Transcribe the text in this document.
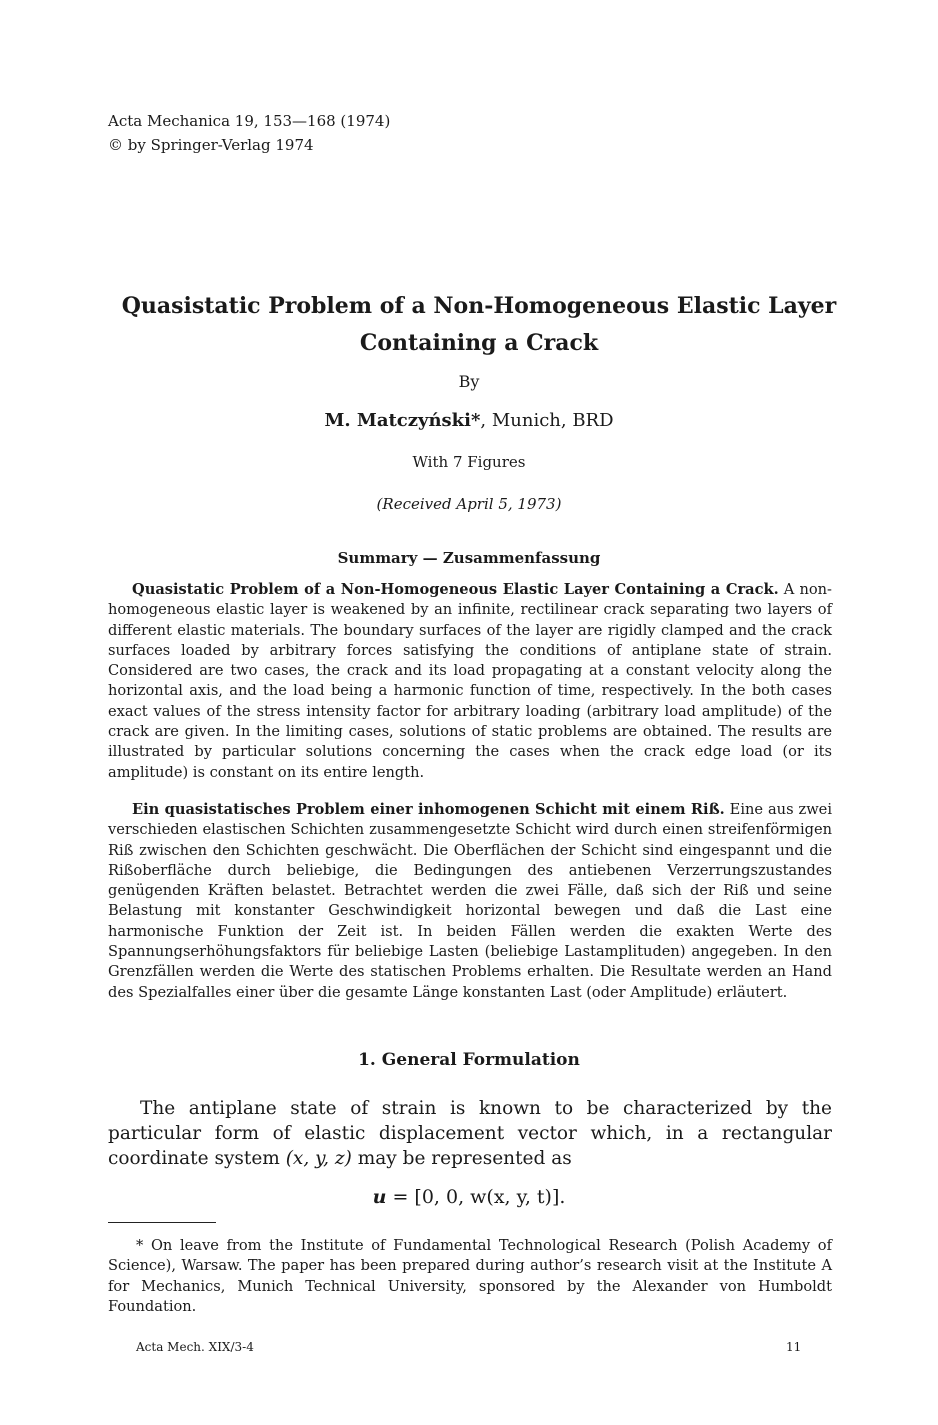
Acta Mechanica 19, 153—168 (1974)
© by Springer-Verlag 1974
Quasistatic Problem of a Non-Homogeneous Elastic Layer
Containing a Crack
By
M. Matczyński*, Munich, BRD
With 7 Figures
(Received April 5, 1973)
Summary — Zusammenfassung

Quasistatic Problem of a Non-Homogeneous Elastic Layer Containing a Crack. A non-homogeneous elastic layer is weakened by an infinite, rectilinear crack separating two layers of different elastic materials. The boundary surfaces of the layer are rigidly clamped and the crack surfaces loaded by arbitrary forces satisfying the conditions of antiplane state of strain. Considered are two cases, the crack and its load propagating at a constant velocity along the horizontal axis, and the load being a harmonic function of time, respectively. In the both cases exact values of the stress intensity factor for arbitrary loading (arbitrary load amplitude) of the crack are given. In the limiting cases, solutions of static problems are obtained. The results are illustrated by particular solutions concerning the cases when the crack edge load (or its amplitude) is constant on its entire length.

Ein quasistatisches Problem einer inhomogenen Schicht mit einem Riß. Eine aus zwei verschieden elastischen Schichten zusammengesetzte Schicht wird durch einen streifenförmigen Riß zwischen den Schichten geschwächt. Die Oberflächen der Schicht sind eingespannt und die Rißoberfläche durch beliebige, die Bedingungen des antiebenen Verzerrungszustandes genügenden Kräften belastet. Betrachtet werden die zwei Fälle, daß sich der Riß und seine Belastung mit konstanter Geschwindigkeit horizontal bewegen und daß die Last eine harmonische Funktion der Zeit ist. In beiden Fällen werden die exakten Werte des Spannungserhöhungsfaktors für beliebige Lasten (beliebige Lastamplituden) angegeben. In den Grenzfällen werden die Werte des statischen Problems erhalten. Die Resultate werden an Hand des Spezialfalles einer über die gesamte Länge konstanten Last (oder Amplitude) erläutert.

1. General Formulation

The antiplane state of strain is known to be characterized by the particular form of elastic displacement vector which, in a rectangular coordinate system (x, y, z) may be represented as

u = [0, 0, w(x, y, t)].

* On leave from the Institute of Fundamental Technological Research (Polish Academy of Science), Warsaw. The paper has been prepared during author’s research visit at the Institute A for Mechanics, Munich Technical University, sponsored by the Alexander von Humboldt Foundation.

Acta Mech. XIX/3-4	11
